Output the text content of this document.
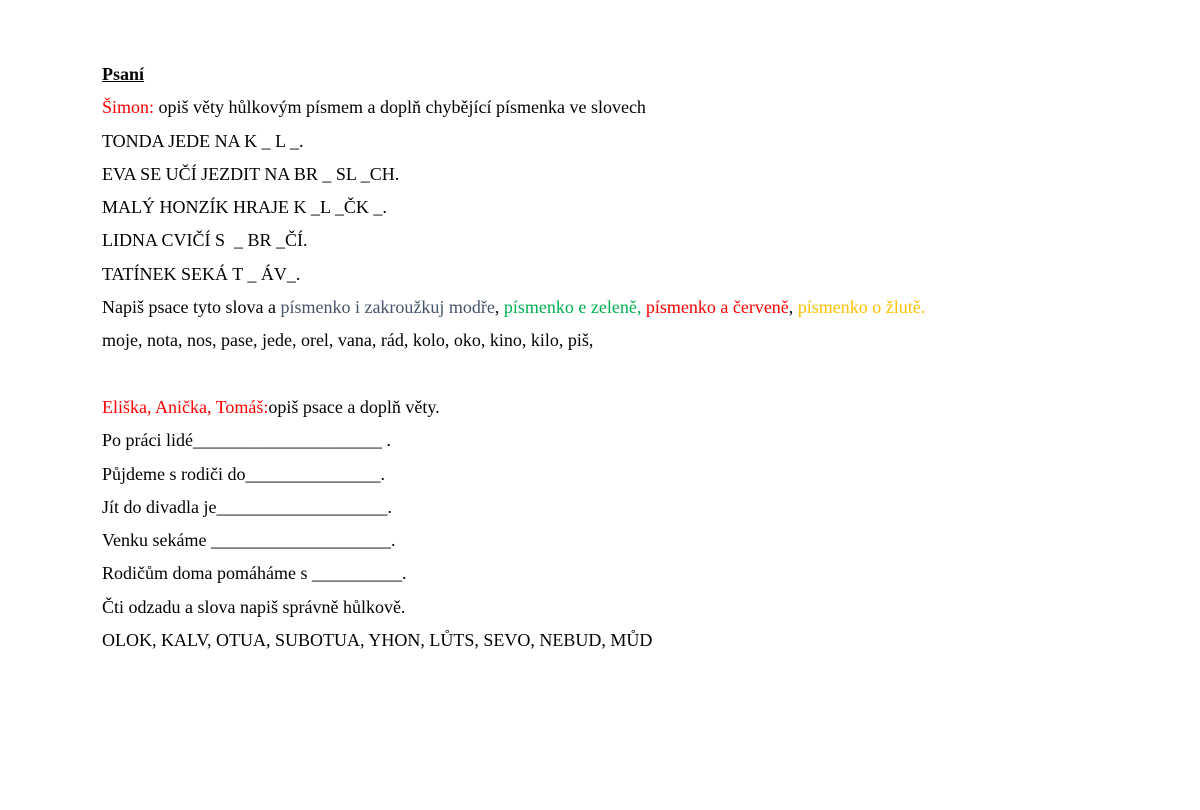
Psaní
Šimon: opiš věty hůlkovým písmem a doplň chybějící písmenka ve slovech
TONDA JEDE NA K _ L _.
EVA SE UČÍ JEZDIT NA BR _ SL _CH.
MALÝ HONZÍK HRAJE K _L _ČK _.
LIDNA CVIČÍ S  _ BR _ČÍ.
TATÍNEK SEKÁ T _ ÁV_.
Napiš psace tyto slova a písmenko i zakroužkuj modře, písmenko e zeleně, písmenko a červeně, písmenko o žlutě.
moje, nota, nos, pase, jede, orel, vana, rád, kolo, oko, kino, kilo, piš,
Eliška, Anička, Tomáš:opiš psace a doplň věty.
Po práci lidé_____________________ .
Půjdeme s rodiči do_______________.
Jít do divadla je___________________.
Venku sekáme ____________________.
Rodičům doma pomáháme s __________.
Čti odzadu a slova napiš správně hůlkově.
OLOK, KALV, OTUA, SUBOTUA, YHON, LŮTS, SEVO, NEBUD, MŮD
